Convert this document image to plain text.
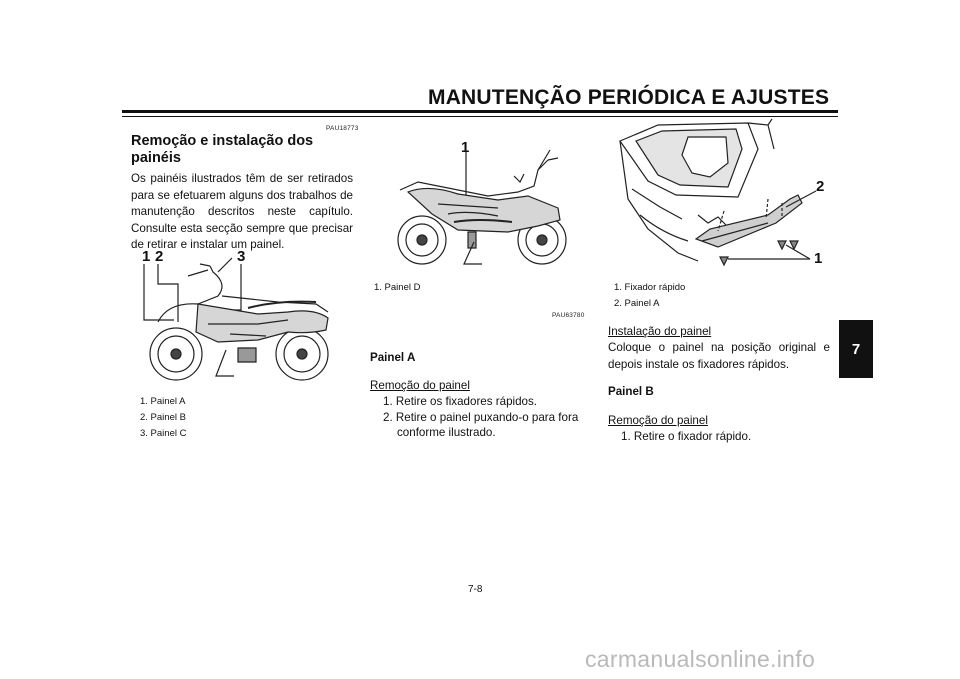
MANUTENÇÃO PERIÓDICA E AJUSTES
7
PAU18773
Remoção e instalação dos painéis
Os painéis ilustrados têm de ser retirados para se efetuarem alguns dos trabalhos de manutenção descritos neste capítulo. Consulte esta secção sempre que precisar de retirar e instalar um painel.
1 2	3
1. Painel A
2. Painel B
3. Painel C
1
1. Painel D
PAU63780
Painel A
Remoção do painel
1. Retire os fixadores rápidos.
2. Retire o painel puxando-o para fora
conforme ilustrado.
2
1
1. Fixador rápido
2. Painel A
Instalação do painel
Coloque o painel na posição original e depois instale os fixadores rápidos.
Painel B
Remoção do painel
1. Retire o fixador rápido.
7-8
carmanualsonline.info
